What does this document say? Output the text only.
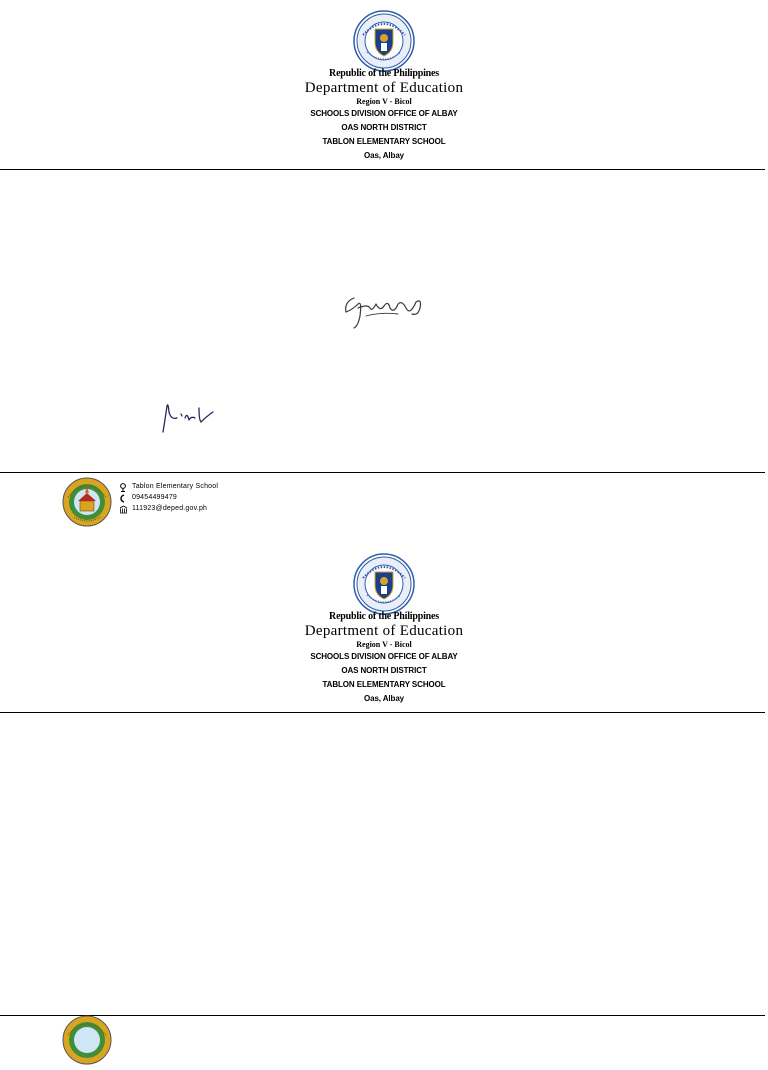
Republic of the Philippines
Department of Education
Region V - Bicol
SCHOOLS DIVISION OFFICE OF ALBAY
OAS NORTH DISTRICT
TABLON ELEMENTARY SCHOOL
Oas, Albay
Tablon Elementary School
09454499479
111923@deped.gov.ph
Republic of the Philippines
Department of Education
Region V - Bicol
SCHOOLS DIVISION OFFICE OF ALBAY
OAS NORTH DISTRICT
TABLON ELEMENTARY SCHOOL
Oas, Albay
